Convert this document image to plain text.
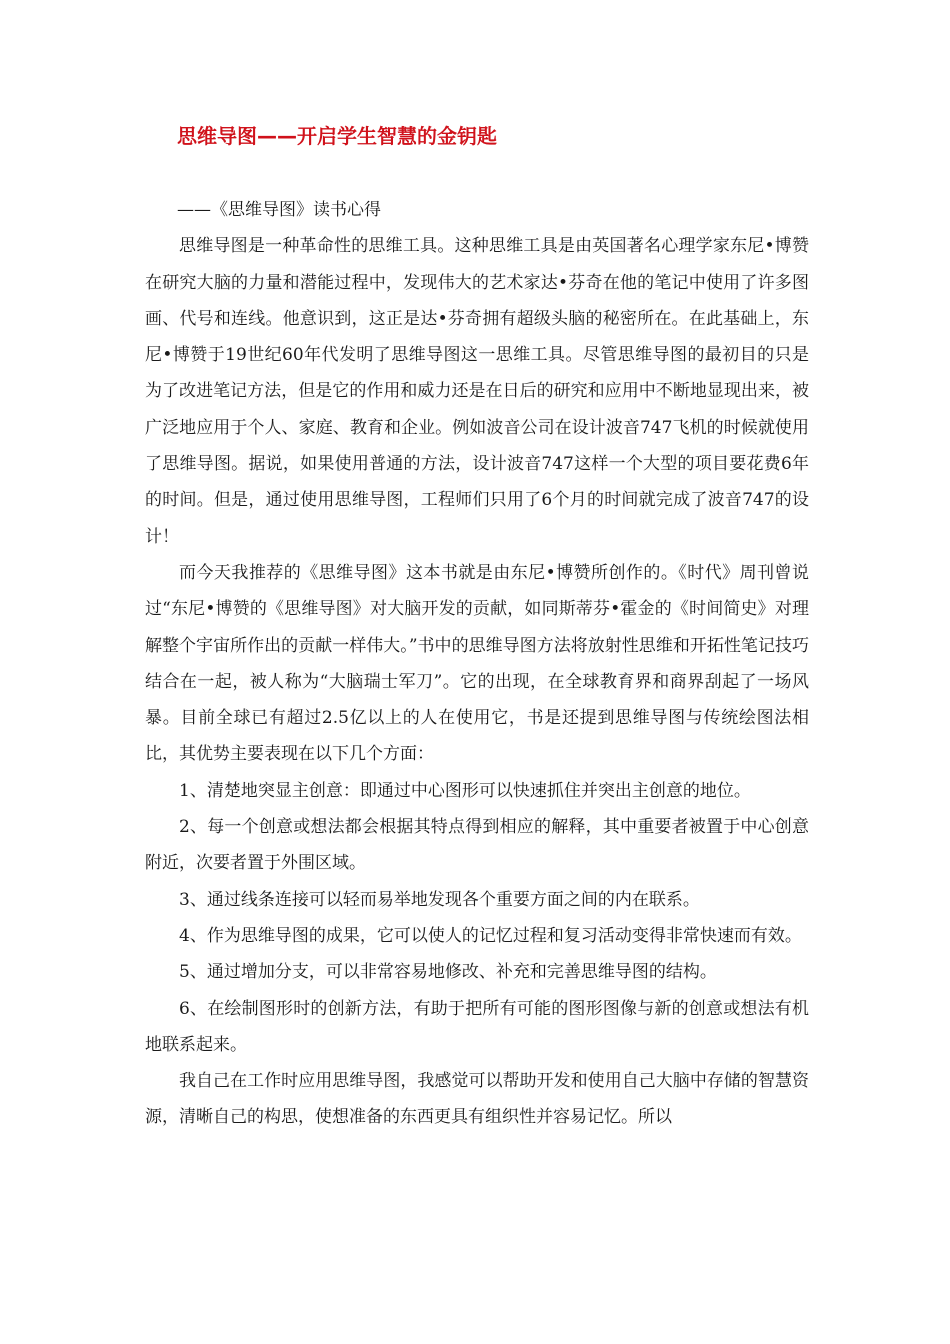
思维导图——开启学生智慧的金钥匙

——《思维导图》读书心得

思维导图是一种革命性的思维工具。这种思维工具是由英国著名心理学家东尼•博赞在研究大脑的力量和潜能过程中，发现伟大的艺术家达•芬奇在他的笔记中使用了许多图画、代号和连线。他意识到，这正是达•芬奇拥有超级头脑的秘密所在。在此基础上，东尼•博赞于19世纪60年代发明了思维导图这一思维工具。尽管思维导图的最初目的只是为了改进笔记方法，但是它的作用和威力还是在日后的研究和应用中不断地显现出来，被广泛地应用于个人、家庭、教育和企业。例如波音公司在设计波音747飞机的时候就使用了思维导图。据说，如果使用普通的方法，设计波音747这样一个大型的项目要花费6年的时间。但是，通过使用思维导图，工程师们只用了6个月的时间就完成了波音747的设计！

而今天我推荐的《思维导图》这本书就是由东尼•博赞所创作的。《时代》周刊曾说过“东尼•博赞的《思维导图》对大脑开发的贡献，如同斯蒂芬•霍金的《时间简史》对理解整个宇宙所作出的贡献一样伟大。”书中的思维导图方法将放射性思维和开拓性笔记技巧结合在一起，被人称为“大脑瑞士军刀”。它的出现，在全球教育界和商界刮起了一场风暴。目前全球已有超过2.5亿以上的人在使用它，书是还提到思维导图与传统绘图法相比，其优势主要表现在以下几个方面：

1、清楚地突显主创意：即通过中心图形可以快速抓住并突出主创意的地位。

2、每一个创意或想法都会根据其特点得到相应的解释，其中重要者被置于中心创意附近，次要者置于外围区域。

3、通过线条连接可以轻而易举地发现各个重要方面之间的内在联系。

4、作为思维导图的成果，它可以使人的记忆过程和复习活动变得非常快速而有效。

5、通过增加分支，可以非常容易地修改、补充和完善思维导图的结构。

6、在绘制图形时的创新方法，有助于把所有可能的图形图像与新的创意或想法有机地联系起来。

我自己在工作时应用思维导图，我感觉可以帮助开发和使用自己大脑中存储的智慧资源，清晰自己的构思，使想准备的东西更具有组织性并容易记忆。所以
